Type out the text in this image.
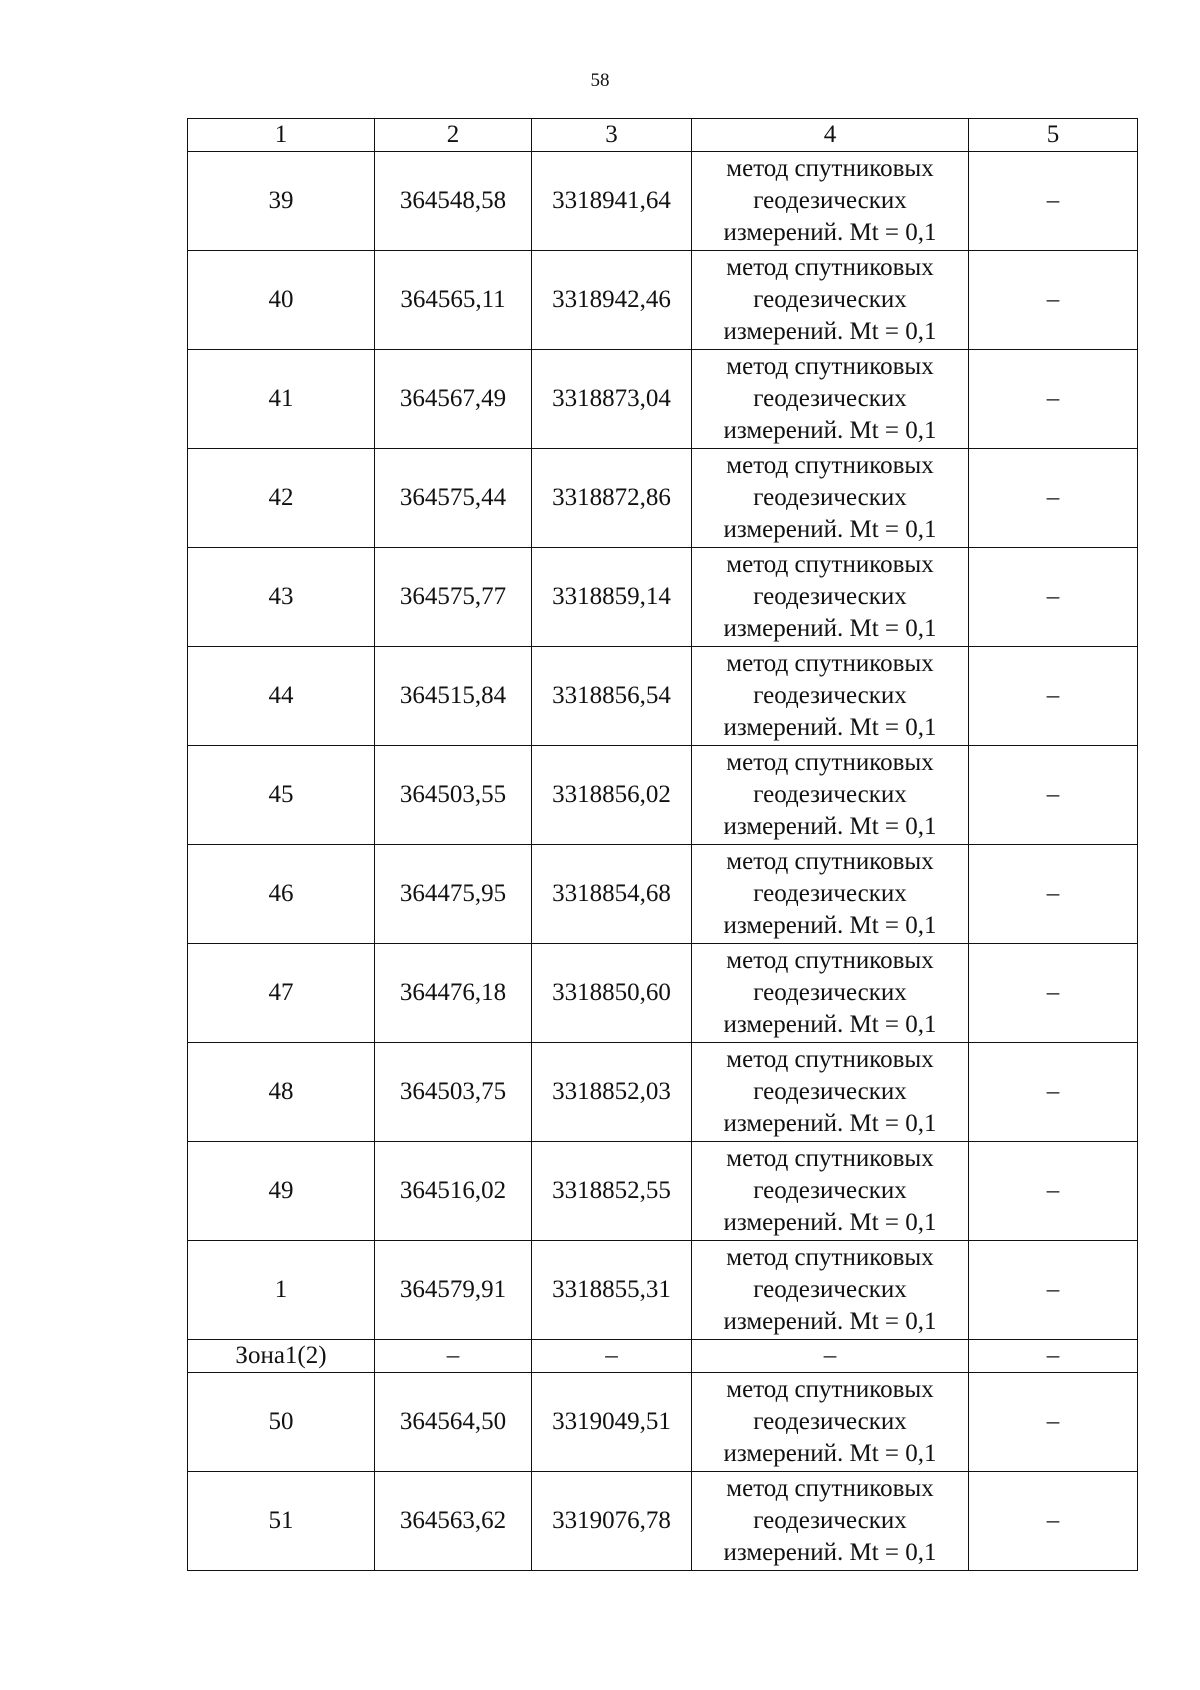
58
1	2	3	4	5
39	364548,58	3318941,64	метод спутниковых
геодезических
измерений. Mt = 0,1	–
40	364565,11	3318942,46	метод спутниковых
геодезических
измерений. Mt = 0,1	–
41	364567,49	3318873,04	метод спутниковых
геодезических
измерений. Mt = 0,1	–
42	364575,44	3318872,86	метод спутниковых
геодезических
измерений. Mt = 0,1	–
43	364575,77	3318859,14	метод спутниковых
геодезических
измерений. Mt = 0,1	–
44	364515,84	3318856,54	метод спутниковых
геодезических
измерений. Mt = 0,1	–
45	364503,55	3318856,02	метод спутниковых
геодезических
измерений. Mt = 0,1	–
46	364475,95	3318854,68	метод спутниковых
геодезических
измерений. Mt = 0,1	–
47	364476,18	3318850,60	метод спутниковых
геодезических
измерений. Mt = 0,1	–
48	364503,75	3318852,03	метод спутниковых
геодезических
измерений. Mt = 0,1	–
49	364516,02	3318852,55	метод спутниковых
геодезических
измерений. Mt = 0,1	–
1	364579,91	3318855,31	метод спутниковых
геодезических
измерений. Mt = 0,1	–
Зона1(2)	–	–	–	–
50	364564,50	3319049,51	метод спутниковых
геодезических
измерений. Mt = 0,1	–
51	364563,62	3319076,78	метод спутниковых
геодезических
измерений. Mt = 0,1	–
